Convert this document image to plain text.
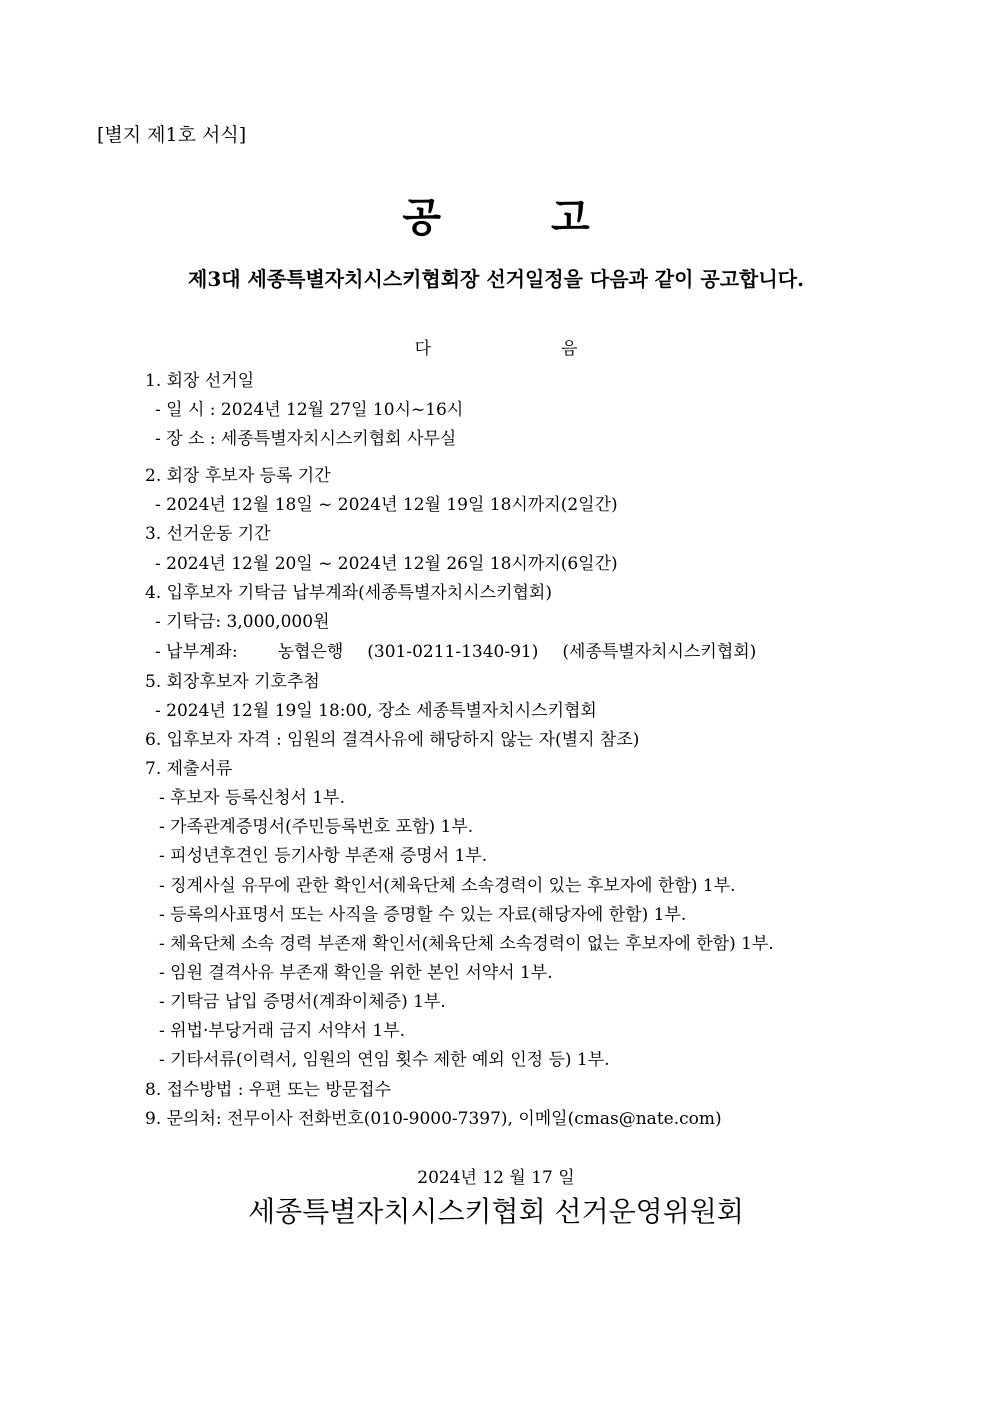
[별지 제1호 서식]
공	고
제3대 세종특별자치시스키협회장 선거일정을 다음과 같이 공고합니다.
다	음
1. 회장 선거일
- 일 시 : 2024년 12월 27일 10시~16시
- 장 소 : 세종특별자치시스키협회 사무실
2. 회장 후보자 등록 기간
- 2024년 12월 18일 ~ 2024년 12월 19일 18시까지(2일간)
3. 선거운동 기간
- 2024년 12월 20일 ~ 2024년 12월 26일 18시까지(6일간)
4. 입후보자 기탁금 납부계좌(세종특별자치시스키협회)
- 기탁금: 3,000,000원
- 납부계좌: 농협은행 (301-0211-1340-91) (세종특별자치시스키협회)
5. 회장후보자 기호추첨
- 2024년 12월 19일 18:00, 장소 세종특별자치시스키협회
6. 입후보자 자격 : 임원의 결격사유에 해당하지 않는 자(별지 참조)
7. 제출서류
- 후보자 등록신청서 1부.
- 가족관계증명서(주민등록번호 포함) 1부.
- 피성년후견인 등기사항 부존재 증명서 1부.
- 징계사실 유무에 관한 확인서(체육단체 소속경력이 있는 후보자에 한함) 1부.
- 등록의사표명서 또는 사직을 증명할 수 있는 자료(해당자에 한함) 1부.
- 체육단체 소속 경력 부존재 확인서(체육단체 소속경력이 없는 후보자에 한함) 1부.
- 임원 결격사유 부존재 확인을 위한 본인 서약서 1부.
- 기탁금 납입 증명서(계좌이체증) 1부.
- 위법·부당거래 금지 서약서 1부.
- 기타서류(이력서, 임원의 연임 횟수 제한 예외 인정 등) 1부.
8. 접수방법 : 우편 또는 방문접수
9. 문의처: 전무이사 전화번호(010-9000-7397), 이메일(cmas@nate.com)
2024년 12 월 17 일
세종특별자치시스키협회 선거운영위원회
